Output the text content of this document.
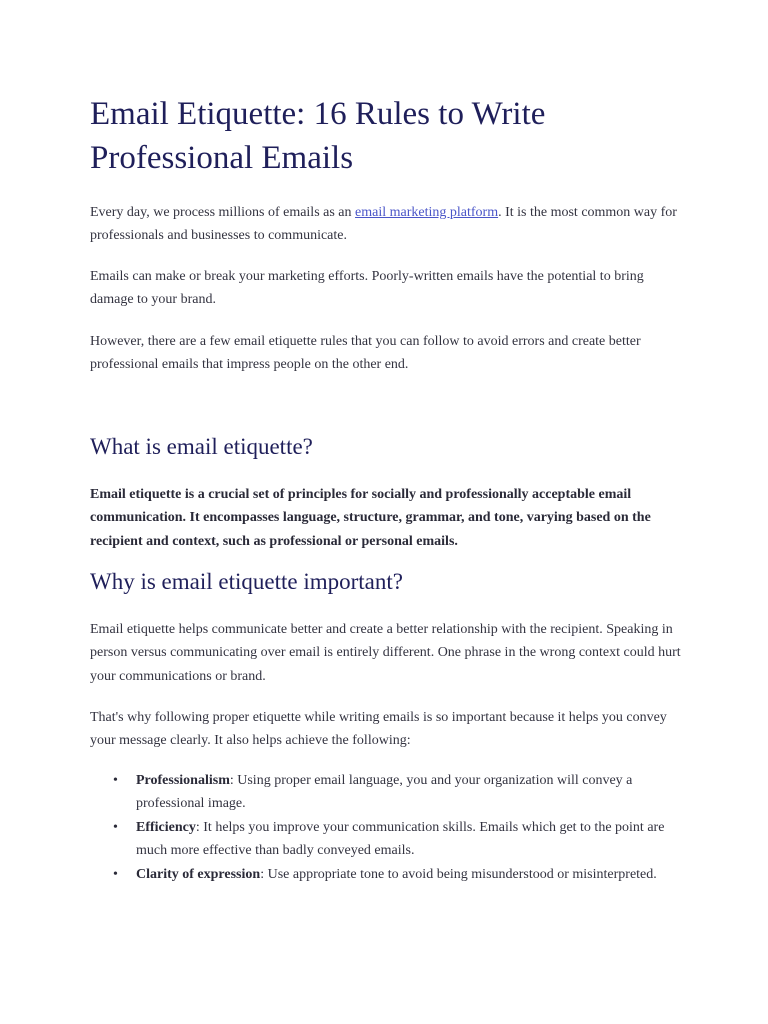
Email Etiquette: 16 Rules to Write Professional Emails

Every day, we process millions of emails as an email marketing platform. It is the most common way for professionals and businesses to communicate.

Emails can make or break your marketing efforts. Poorly-written emails have the potential to bring damage to your brand.

However, there are a few email etiquette rules that you can follow to avoid errors and create better professional emails that impress people on the other end.

What is email etiquette?

Email etiquette is a crucial set of principles for socially and professionally acceptable email communication. It encompasses language, structure, grammar, and tone, varying based on the recipient and context, such as professional or personal emails.

Why is email etiquette important?

Email etiquette helps communicate better and create a better relationship with the recipient. Speaking in person versus communicating over email is entirely different. One phrase in the wrong context could hurt your communications or brand.

That's why following proper etiquette while writing emails is so important because it helps you convey your message clearly. It also helps achieve the following:

• Professionalism: Using proper email language, you and your organization will convey a professional image.
• Efficiency: It helps you improve your communication skills. Emails which get to the point are much more effective than badly conveyed emails.
• Clarity of expression: Use appropriate tone to avoid being misunderstood or misinterpreted.
